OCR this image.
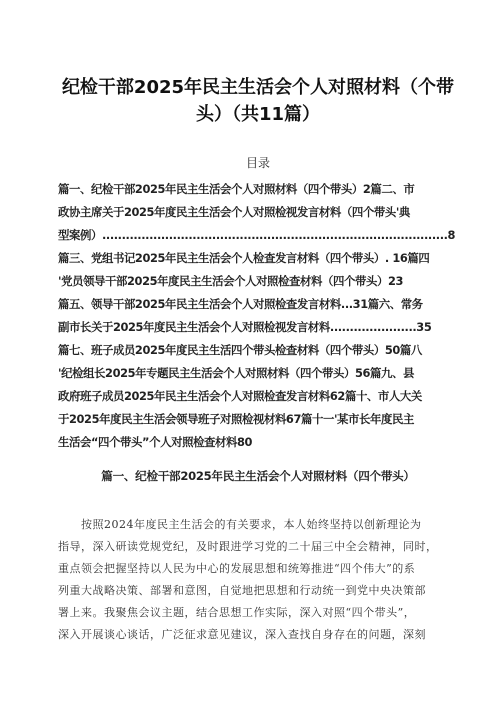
纪检干部2025年民主生活会个人对照材料（个带
头）（共11篇）
目录

篇一、纪检干部2025年民主生活会个人对照材料（四个带头）2篇二、市

政协主席关于2025年度民主生活会个人对照检视发言材料（四个带头'典

型案例）........................................................................................8

篇三、党组书记2025年民主生活会个人检查发言材料（四个带头）. 16篇四

'党员领导干部2025年度民主生活会个人对照检查材料（四个带头）23

篇五、领导干部2025年民主生活会个人对照检查发言材料...31篇六、常务

副市长关于2025年度民主生活会个人对照检视发言材料......................35

篇七、班子成员2025年度民主生活四个带头检查材料（四个带头）50篇八

'纪检组长2025年专题民主生活会个人对照材料（四个带头）56篇九、县

政府班子成员2025年民主生活会个人对照检查发言材料62篇十、市人大关

于2025年度民主生活会领导班子对照检视材料67篇十一'某市长年度民主

生活会“四个带头”个人对照检查材料80

篇一、纪检干部2025年民主生活会个人对照材料（四个带头）

　　按照2024年度民主生活会的有关要求，本人始终坚持以创新理论为

指导，深入研读党规党纪，及时跟进学习党的二十届三中全会精神，同时，

重点领会把握坚持以人民为中心的发展思想和统筹推进“四个伟大”的系

列重大战略决策、部署和意图，自觉地把思想和行动统一到党中央决策部

署上来。我聚焦会议主题，结合思想工作实际，深入对照“四个带头”，

深入开展谈心谈话，广泛征求意见建议，深入查找自身存在的问题，深刻
